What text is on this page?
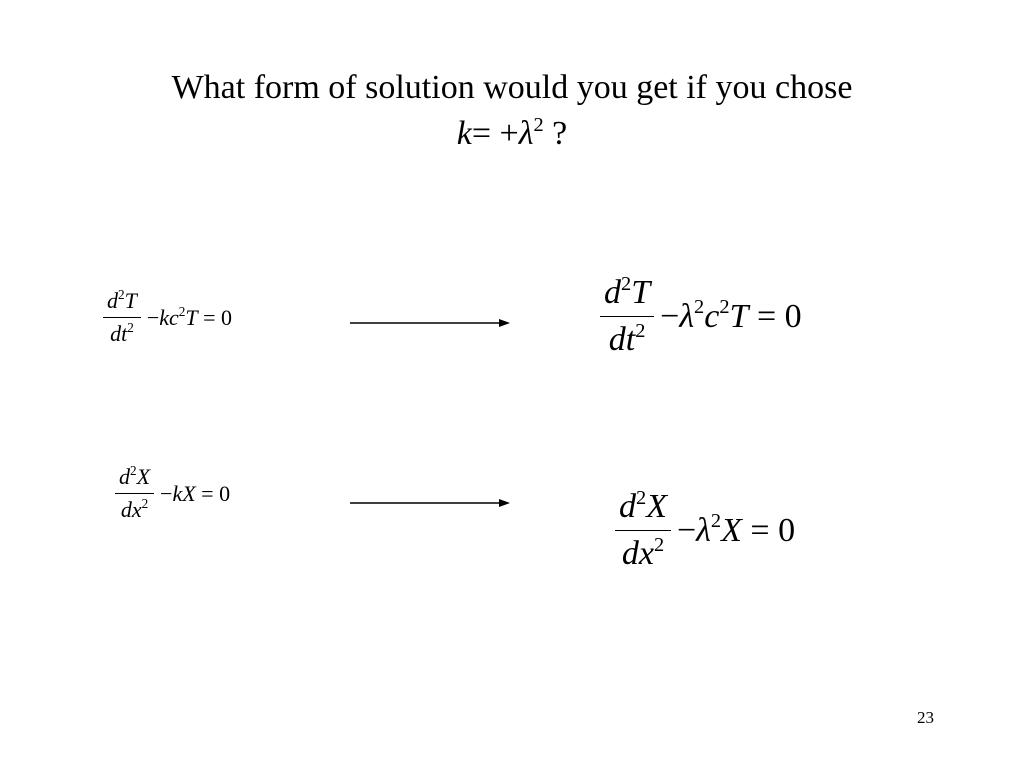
What form of solution would you get if you chose
$k= +\lambda^2$ ?
$\frac{d^2T}{dt^2} -kc^2T = 0$	$\frac{d^2T}{dt^2} -\lambda^2c^2T = 0$
$\frac{d^2X}{dx^2} -kX = 0$	$\frac{d^2X}{dx^2} -\lambda^2X = 0$
23
